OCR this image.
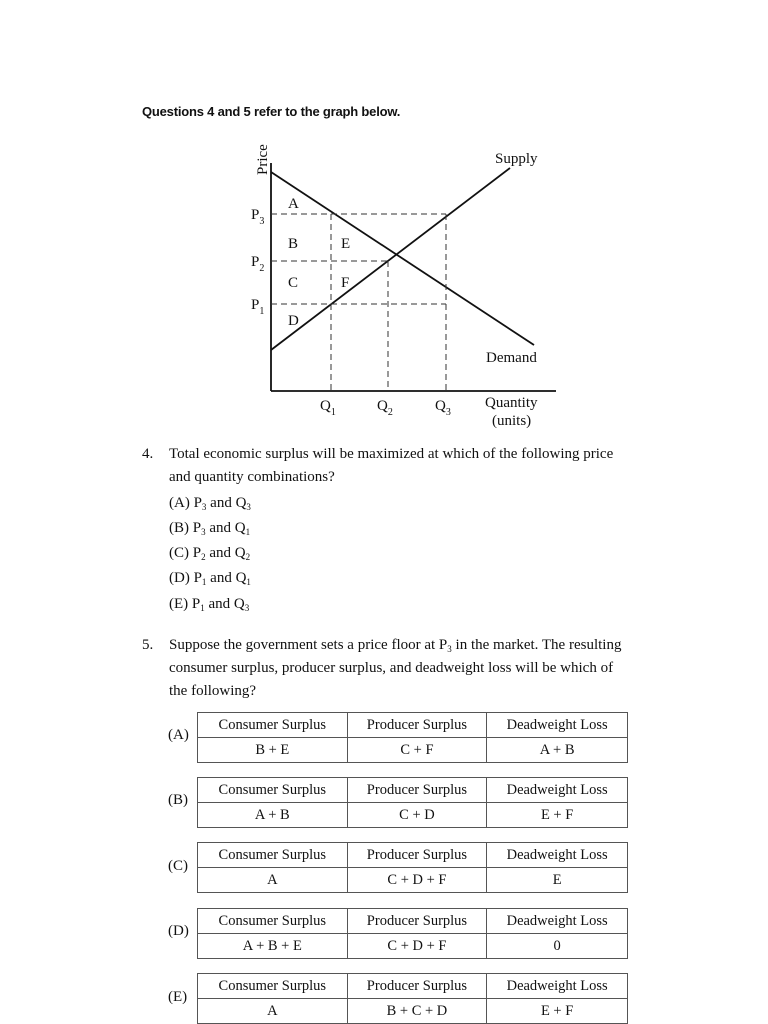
Questions 4 and 5 refer to the graph below.
Price
Quantity
(units)
Supply
Demand
$P_3$
$P_2$
$P_1$
$Q_1$	$Q_2$	$Q_3$
A
B
C
D
E
F
4. Total economic surplus will be maximized at which of the following price
and quantity combinations?
(A) $P_3$ and $Q_3$
(B) $P_3$ and $Q_1$
(C) $P_2$ and $Q_2$
(D) $P_1$ and $Q_1$
(E) $P_1$ and $Q_3$
5. Suppose the government sets a price floor at $P_3$ in the market. The resulting
consumer surplus, producer surplus, and deadweight loss will be which of
the following?
(A)
Consumer Surplus	Producer Surplus	Deadweight Loss
B + E	C + F	A + B
(B)
Consumer Surplus	Producer Surplus	Deadweight Loss
A + B	C + D	E + F
(C)
Consumer Surplus	Producer Surplus	Deadweight Loss
A	C + D + F	E
(D)
Consumer Surplus	Producer Surplus	Deadweight Loss
A + B + E	C + D + F	0
(E)
Consumer Surplus	Producer Surplus	Deadweight Loss
A	B + C + D	E + F
